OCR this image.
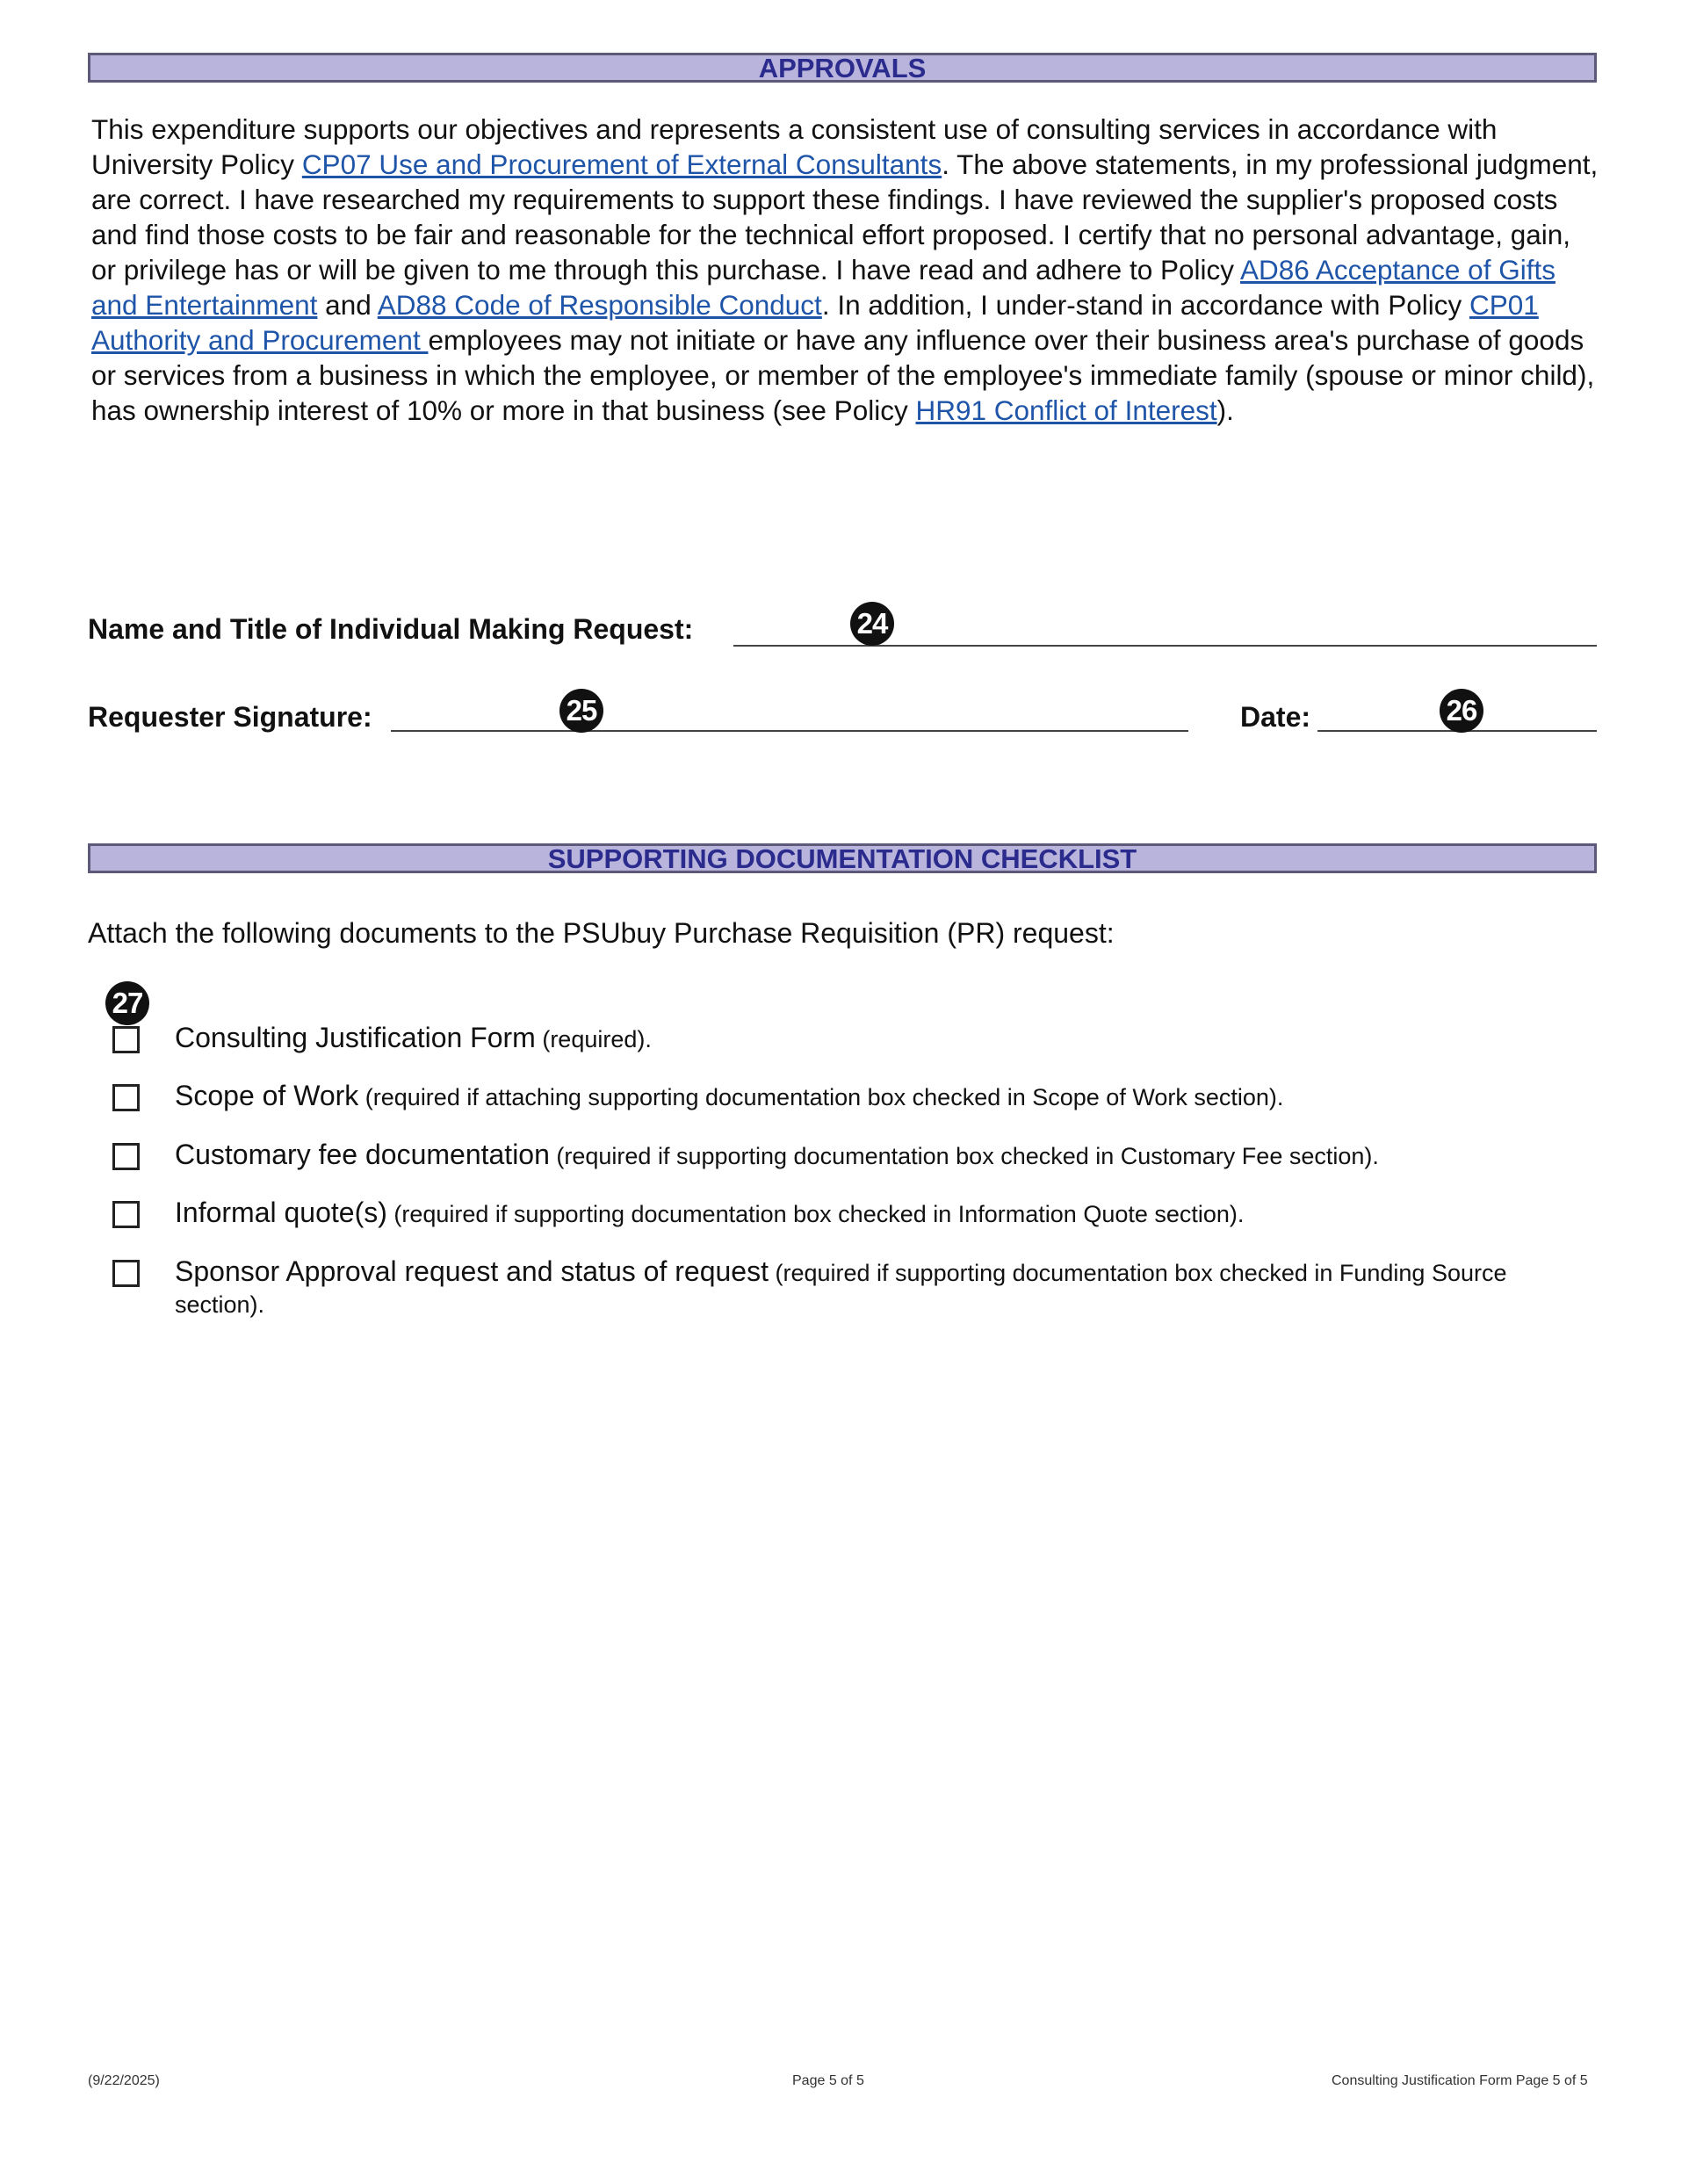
APPROVALS
This expenditure supports our objectives and represents a consistent use of consulting services in accordance with University Policy CP07 Use and Procurement of External Consultants. The above statements, in my professional judgment, are correct. I have researched my requirements to support these findings. I have reviewed the supplier's proposed costs and find those costs to be fair and reasonable for the technical effort proposed. I certify that no personal advantage, gain, or privilege has or will be given to me through this purchase. I have read and adhere to Policy AD86 Acceptance of Gifts and Entertainment and AD88 Code of Responsible Conduct. In addition, I under-stand in accordance with Policy CP01 Authority and Procurement employees may not initiate or have any influence over their business area's purchase of goods or services from a business in which the employee, or member of the employee's immediate family (spouse or minor child), has ownership interest of 10% or more in that business (see Policy HR91 Conflict of Interest).
Name and Title of Individual Making Request:	24
Requester Signature:	25	Date:	26
SUPPORTING DOCUMENTATION CHECKLIST
Attach the following documents to the PSUbuy Purchase Requisition (PR) request:
27
Consulting Justification Form (required).
Scope of Work (required if attaching supporting documentation box checked in Scope of Work section).
Customary fee documentation (required if supporting documentation box checked in Customary Fee section).
Informal quote(s) (required if supporting documentation box checked in Information Quote section).
Sponsor Approval request and status of request (required if supporting documentation box checked in Funding Source section).
(9/22/2025)	Page 5 of 5	Consulting Justification Form Page 5 of 5
